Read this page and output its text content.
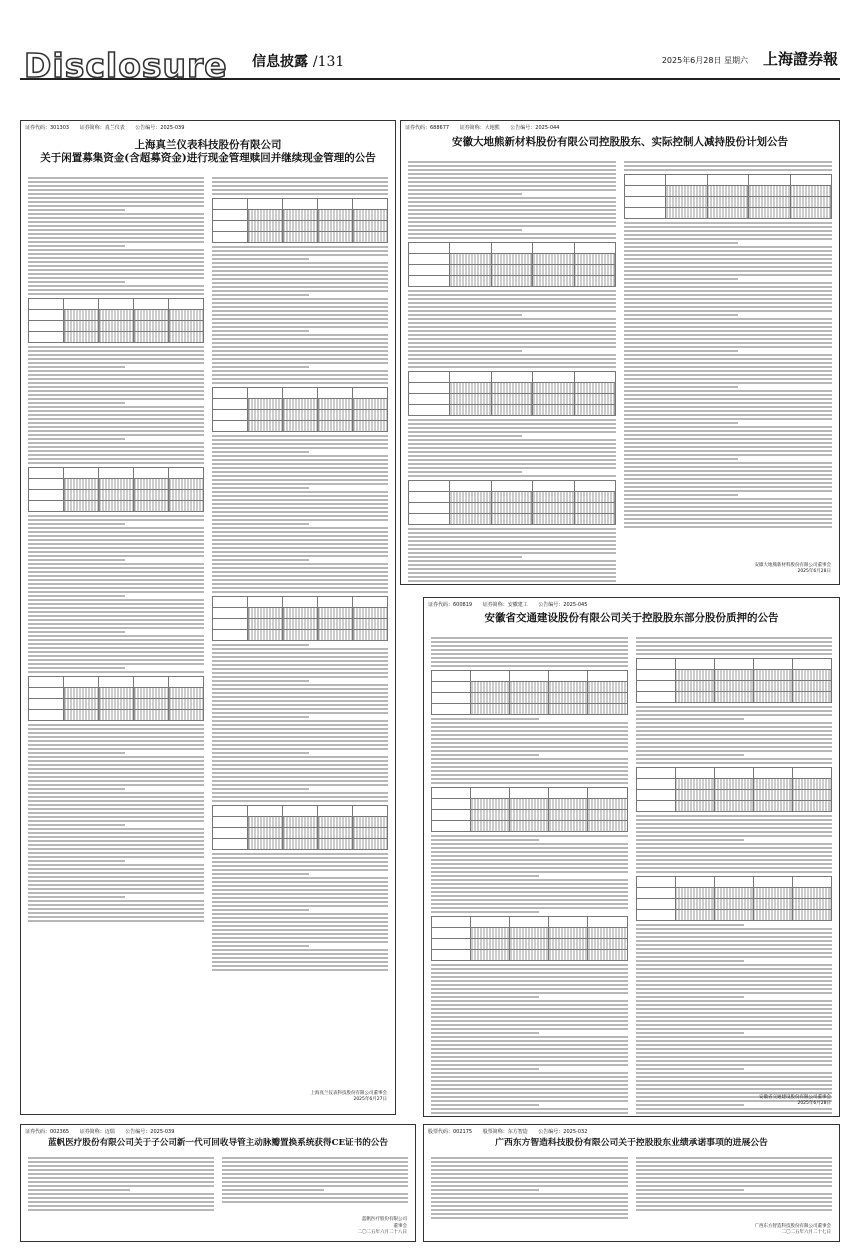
Disclosure 信息披露 /131	2025年6月28日 星期六 上海證券報
证券代码：301303 证券简称：真兰仪表 公告编号：2025-039
上海真兰仪表科技股份有限公司
关于闲置募集资金(含超募资金)进行现金管理赎回并继续现金管理的公告

上海真兰仪表科技股份有限公司董事会
2025年6月27日
证券代码：688677 证券简称：大地熊 公告编号：2025-044
安徽大地熊新材料股份有限公司控股股东、实际控制人减持股份计划公告

安徽大地熊新材料股份有限公司董事会
2025年6月28日
证券代码：600819 证券简称：安徽建工 公告编号：2025-045
安徽省交通建设股份有限公司关于控股股东部分股份质押的公告

安徽省交通建设股份有限公司董事会
2025年6月28日
证券代码：002365 证券简称：迈瑞 公告编号：2025-039
蓝帆医疗股份有限公司关于子公司新一代可回收导管主动脉瓣置换系统获得CE证书的公告
蓝帆医疗股份有限公司
董事会
二〇二五年六月二十八日
股票代码：002175 股票简称：东方智造 公告编号：2025-032
广西东方智造科技股份有限公司关于控股股东业绩承诺事项的进展公告
广西东方智造科技股份有限公司董事会
二〇二五年六月二十七日
